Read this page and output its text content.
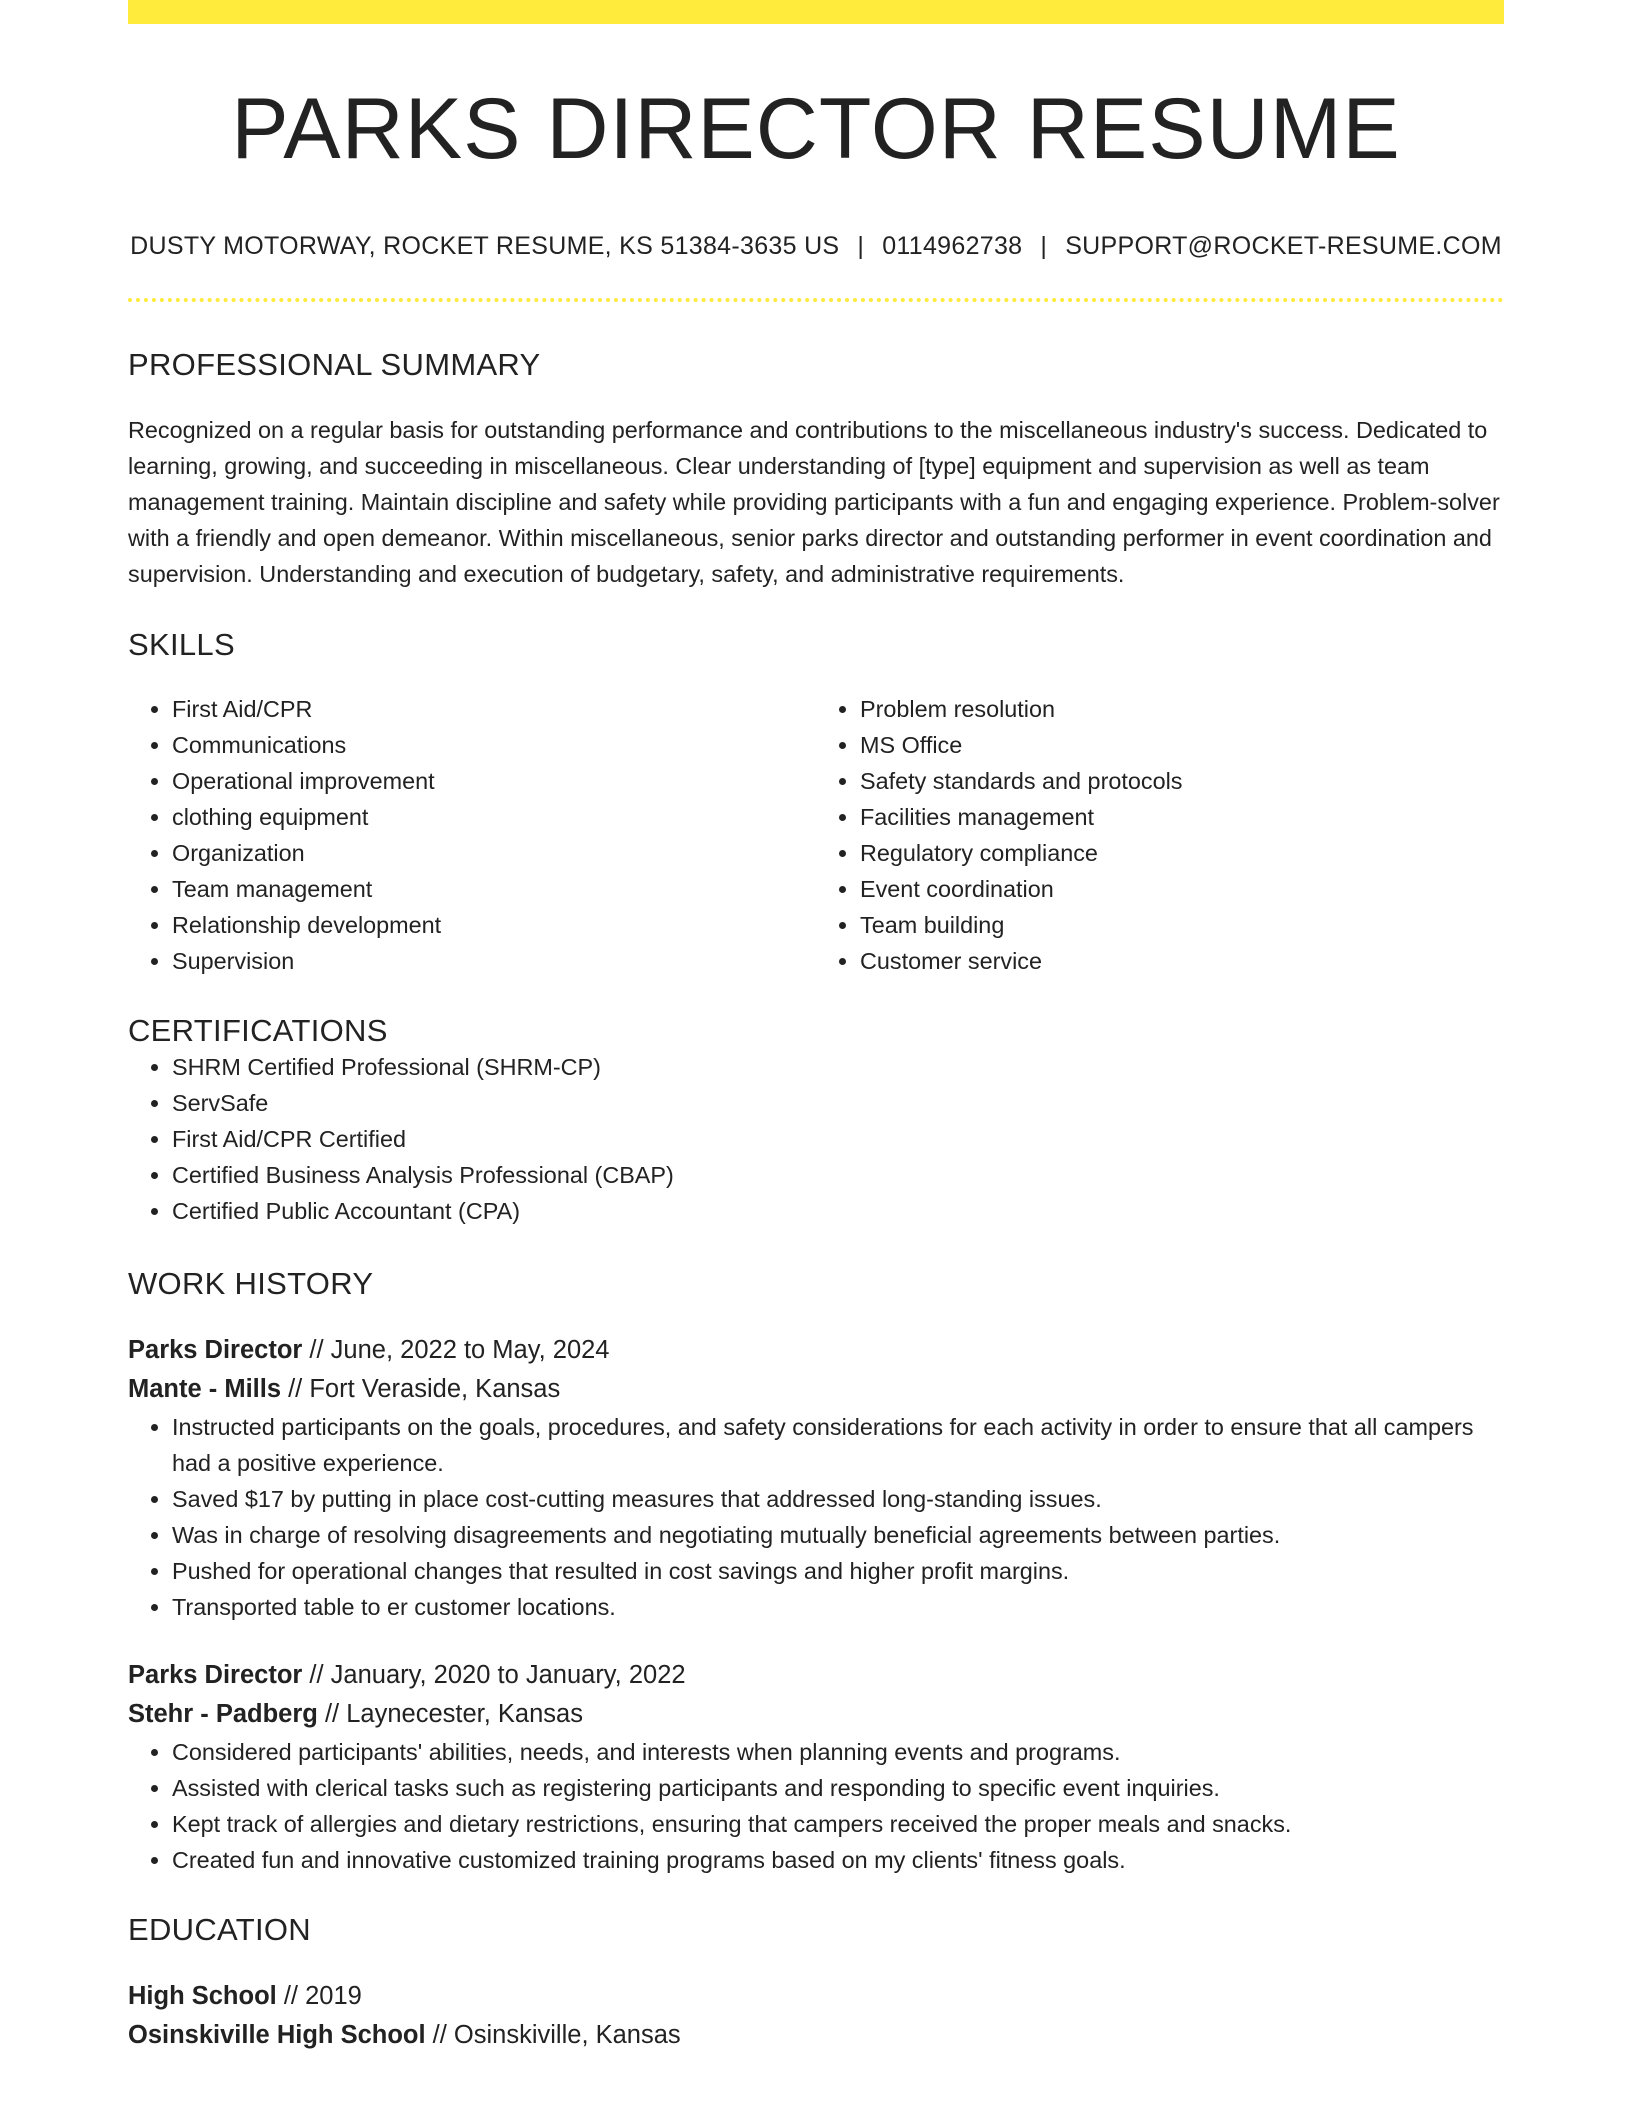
PARKS DIRECTOR RESUME
DUSTY MOTORWAY, ROCKET RESUME, KS 51384-3635 US | 0114962738 | SUPPORT@ROCKET-RESUME.COM
PROFESSIONAL SUMMARY
Recognized on a regular basis for outstanding performance and contributions to the miscellaneous industry's success. Dedicated to learning, growing, and succeeding in miscellaneous. Clear understanding of [type] equipment and supervision as well as team management training. Maintain discipline and safety while providing participants with a fun and engaging experience. Problem-solver with a friendly and open demeanor. Within miscellaneous, senior parks director and outstanding performer in event coordination and supervision. Understanding and execution of budgetary, safety, and administrative requirements.
SKILLS
• First Aid/CPR
• Communications
• Operational improvement
• clothing equipment
• Organization
• Team management
• Relationship development
• Supervision
• Problem resolution
• MS Office
• Safety standards and protocols
• Facilities management
• Regulatory compliance
• Event coordination
• Team building
• Customer service
CERTIFICATIONS
• SHRM Certified Professional (SHRM-CP)
• ServSafe
• First Aid/CPR Certified
• Certified Business Analysis Professional (CBAP)
• Certified Public Accountant (CPA)
WORK HISTORY
Parks Director // June, 2022 to May, 2024
Mante - Mills // Fort Veraside, Kansas
• Instructed participants on the goals, procedures, and safety considerations for each activity in order to ensure that all campers had a positive experience.
• Saved $17 by putting in place cost-cutting measures that addressed long-standing issues.
• Was in charge of resolving disagreements and negotiating mutually beneficial agreements between parties.
• Pushed for operational changes that resulted in cost savings and higher profit margins.
• Transported table to er customer locations.
Parks Director // January, 2020 to January, 2022
Stehr - Padberg // Laynecester, Kansas
• Considered participants' abilities, needs, and interests when planning events and programs.
• Assisted with clerical tasks such as registering participants and responding to specific event inquiries.
• Kept track of allergies and dietary restrictions, ensuring that campers received the proper meals and snacks.
• Created fun and innovative customized training programs based on my clients' fitness goals.
EDUCATION
High School // 2019
Osinskiville High School // Osinskiville, Kansas
